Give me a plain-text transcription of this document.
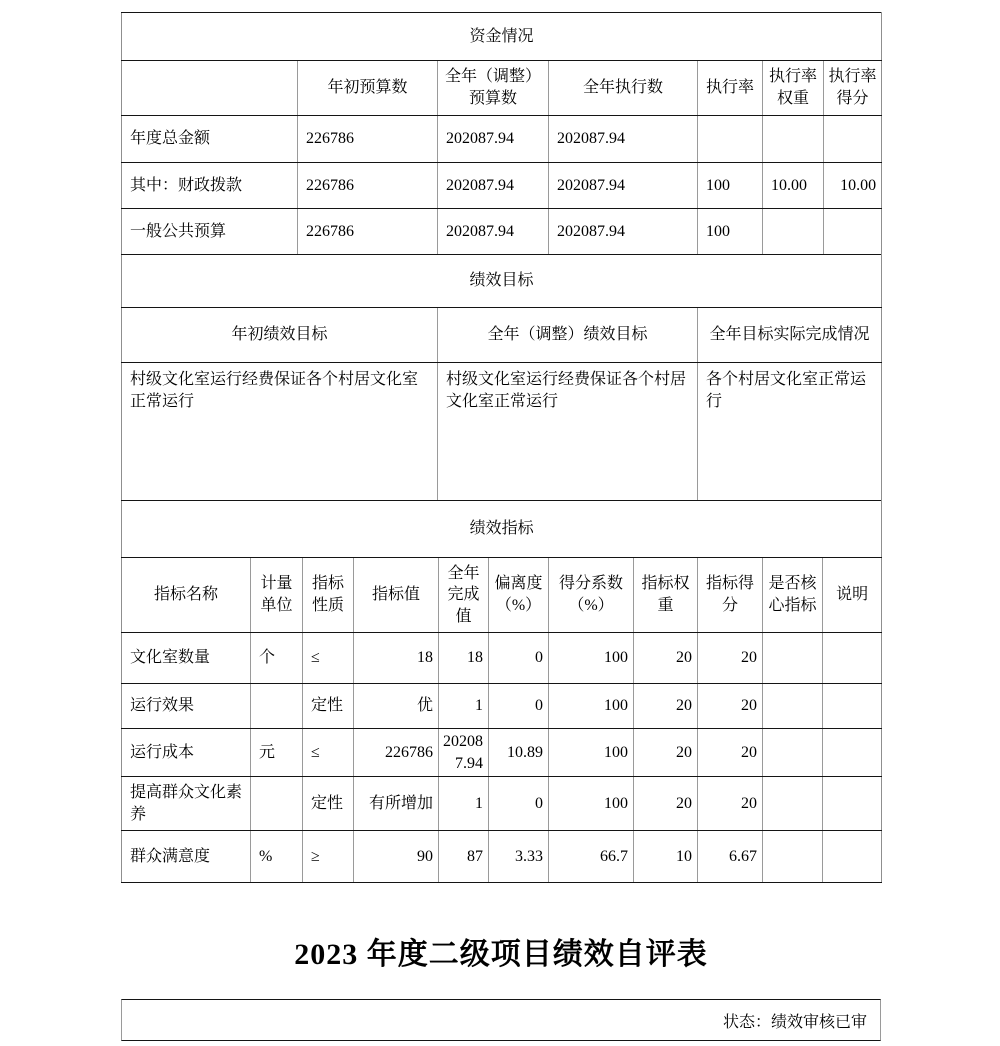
资金情况						
	年初预算数	全年（调整）预算数	全年执行数	执行率	执行率权重	执行率得分
年度总金额	226786	202087.94	202087.94			
其中：财政拨款	226786	202087.94	202087.94	100	10.00	10.00
一般公共预算	226786	202087.94	202087.94	100		
绩效目标		
年初绩效目标	全年（调整）绩效目标	全年目标实际完成情况
村级文化室运行经费保证各个村居文化室正常运行	村级文化室运行经费保证各个村居文化室正常运行	各个村居文化室正常运行
绩效指标										
指标名称	计量单位	指标性质	指标值	全年完成值	偏离度（%）	得分系数（%）	指标权重	指标得分	是否核心指标	说明
文化室数量	个	≤	18	18	0	100	20	20		
运行效果		定性	优	1	0	100	20	20		
运行成本	元	≤	226786	202087.94	10.89	100	20	20		
提高群众文化素养		定性	有所增加	1	0	100	20	20		
群众满意度	%	≥	90	87	3.33	66.7	10	6.67		
2023 年度二级项目绩效自评表
状态：绩效审核已审
